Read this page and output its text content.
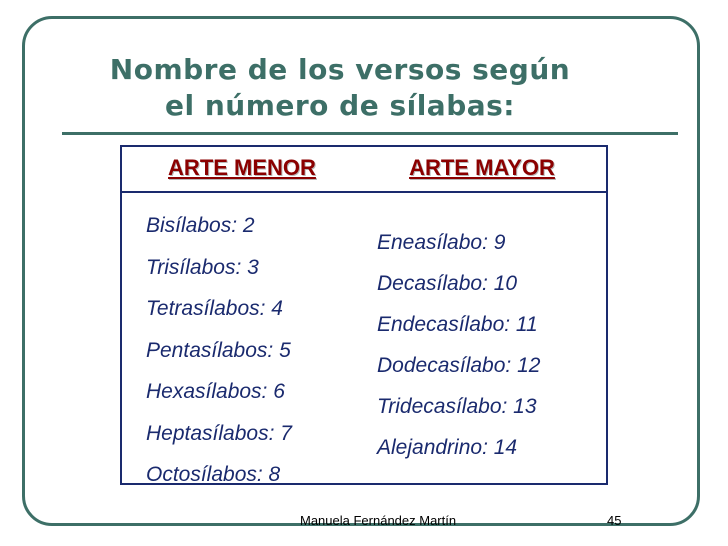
Nombre de los versos según
el número de sílabas:
ARTE MENOR	ARTE MAYOR
Bisílabos: 2
Trisílabos: 3
Tetrasílabos: 4
Pentasílabos: 5
Hexasílabos: 6
Heptasílabos: 7
Octosílabos: 8
Eneasílabo: 9
Decasílabo: 10
Endecasílabo: 11
Dodecasílabo: 12
Tridecasílabo: 13
Alejandrino: 14
Manuela Fernández Martín	45
